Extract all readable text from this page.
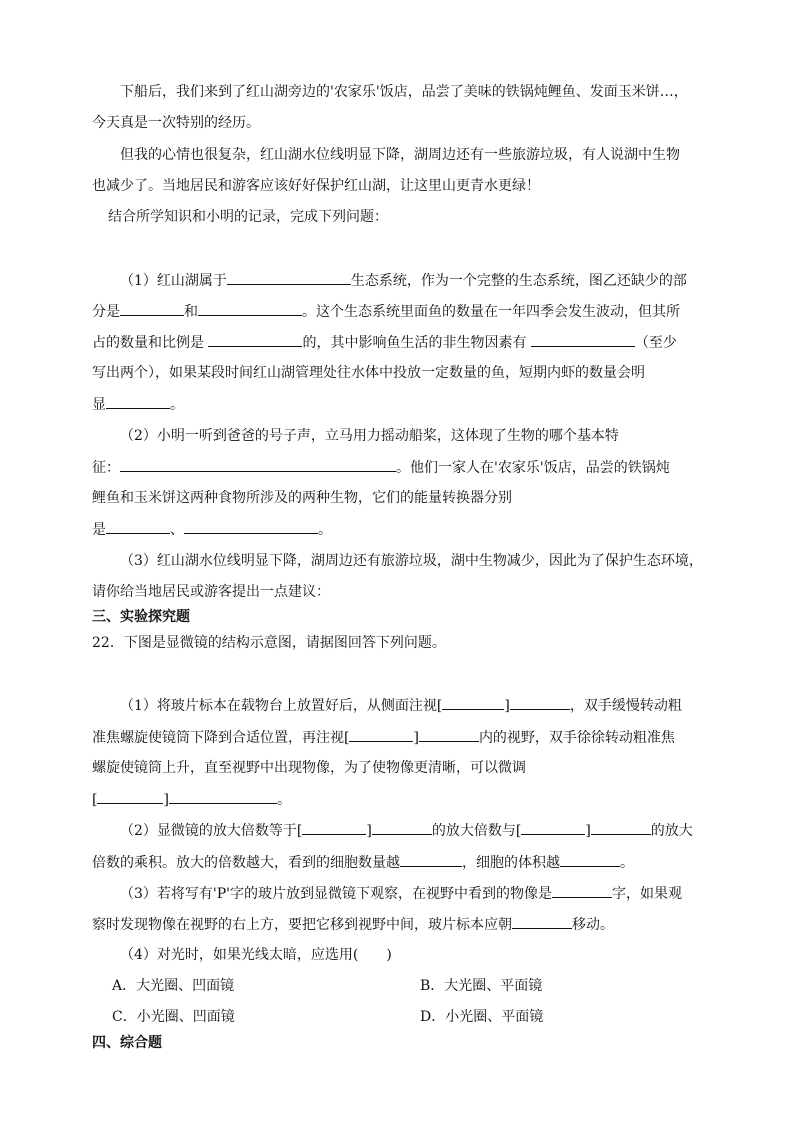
下船后，我们来到了红山湖旁边的'农家乐'饭店，品尝了美味的铁锅炖鲤鱼、发面玉米饼…，
今天真是一次特别的经历。
但我的心情也很复杂，红山湖水位线明显下降，湖周边还有一些旅游垃圾，有人说湖中生物
也减少了。当地居民和游客应该好好保护红山湖，让这里山更青水更绿！
结合所学知识和小明的记录，完成下列问题：
（1）红山湖属于	生态系统，作为一个完整的生态系统，图乙还缺少的部
分是	和	。这个生态系统里面鱼的数量在一年四季会发生波动，但其所
占的数量和比例是	的，其中影响鱼生活的非生物因素有	（至少
写出两个），如果某段时间红山湖管理处往水体中投放一定数量的鱼，短期内虾的数量会明
显	。
（2）小明一听到爸爸的号子声，立马用力摇动船桨，这体现了生物的哪个基本特
征：	。他们一家人在'农家乐'饭店，品尝的铁锅炖
鲤鱼和玉米饼这两种食物所涉及的两种生物，它们的能量转换器分别
是	、	。
（3）红山湖水位线明显下降，湖周边还有旅游垃圾，湖中生物减少，因此为了保护生态环境，
请你给当地居民或游客提出一点建议：
三、实验探究题
22．下图是显微镜的结构示意图，请据图回答下列问题。
（1）将玻片标本在载物台上放置好后，从侧面注视[	]	，双手缓慢转动粗
准焦螺旋使镜筒下降到合适位置，再注视[	]	内的视野，双手徐徐转动粗准焦
螺旋使镜筒上升，直至视野中出现物像，为了使物像更清晰，可以微调
[	]	。
（2）显微镜的放大倍数等于[	]	的放大倍数与[	]	的放大
倍数的乘积。放大的倍数越大，看到的细胞数量越	，细胞的体积越	。
（3）若将写有'P'字的玻片放到显微镜下观察，在视野中看到的物像是	字，如果观
察时发现物像在视野的右上方，要把它移到视野中间，玻片标本应朝	移动。
（4）对光时，如果光线太暗，应选用(　　)
A．大光圈、凹面镜	B．大光圈、平面镜
C．小光圈、凹面镜	D．小光圈、平面镜
四、综合题
